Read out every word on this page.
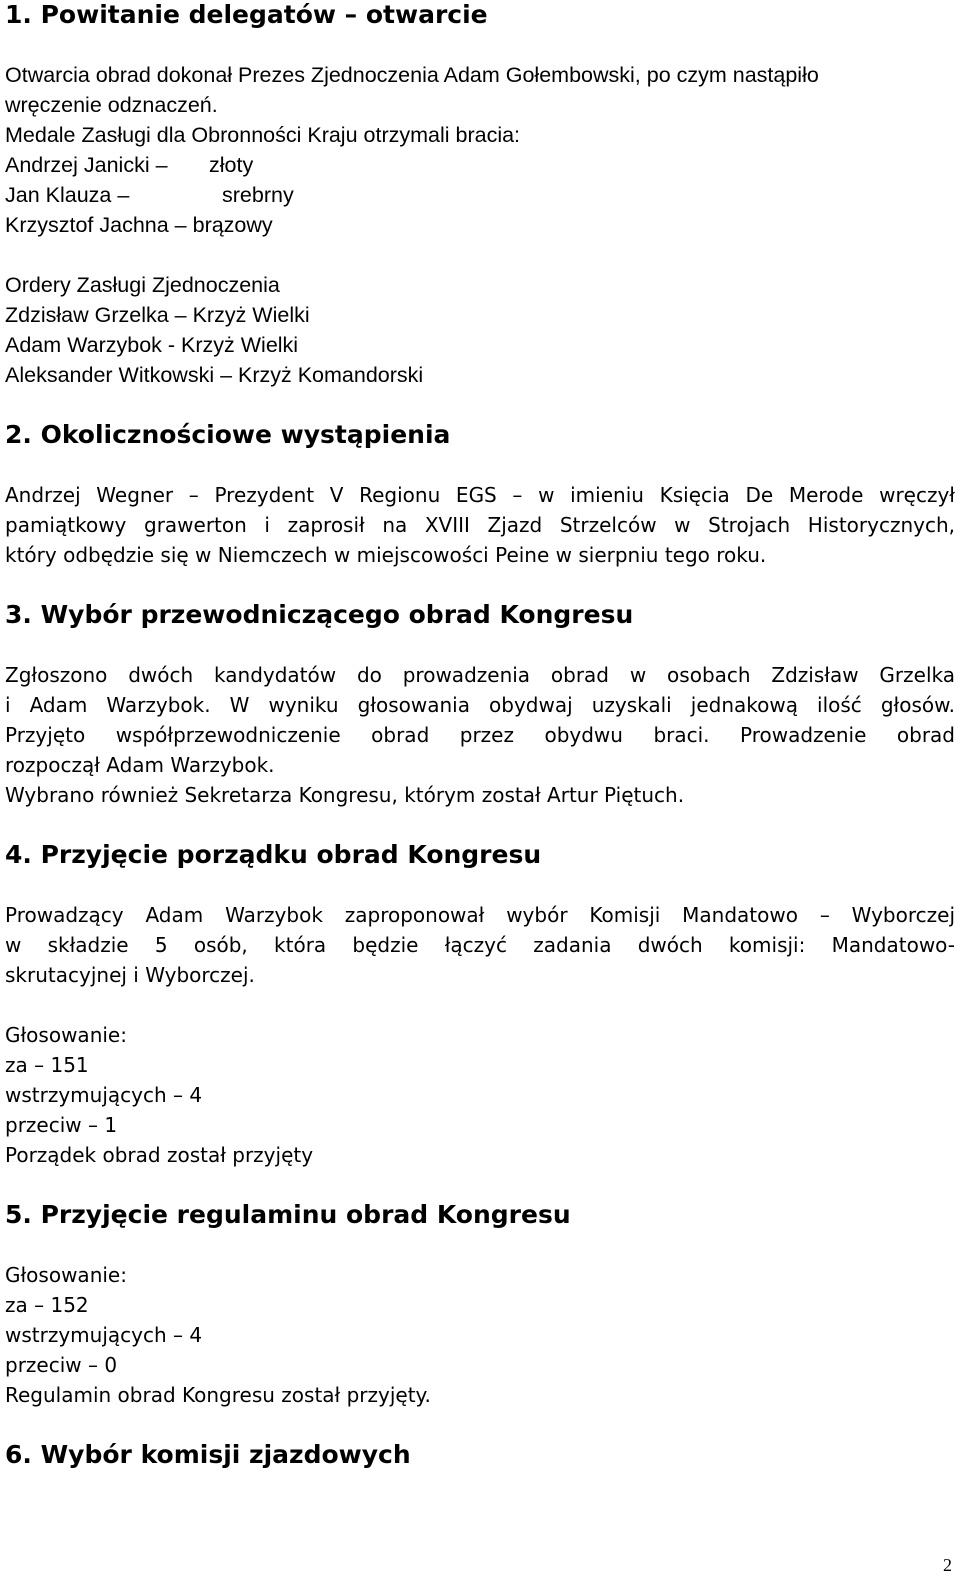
1. Powitanie delegatów – otwarcie

Otwarcia obrad dokonał Prezes Zjednoczenia Adam Gołembowski, po czym nastąpiło

wręczenie odznaczeń.

Medale Zasługi dla Obronności Kraju otrzymali bracia:

Andrzej Janicki – złoty

Jan Klauza –	srebrny

Krzysztof Jachna – brązowy

Ordery Zasługi Zjednoczenia

Zdzisław Grzelka – Krzyż Wielki

Adam Warzybok - Krzyż Wielki

Aleksander Witkowski – Krzyż Komandorski

2. Okolicznościowe wystąpienia

Andrzej Wegner – Prezydent V Regionu EGS – w imieniu Księcia De Merode wręczył

pamiątkowy grawerton i zaprosił na XVIII Zjazd Strzelców w Strojach Historycznych,

który odbędzie się w Niemczech w miejscowości Peine w sierpniu tego roku.

3. Wybór przewodniczącego obrad Kongresu

Zgłoszono dwóch kandydatów do prowadzenia obrad w osobach Zdzisław Grzelka

i Adam Warzybok. W wyniku głosowania obydwaj uzyskali jednakową ilość głosów.

Przyjęto współprzewodniczenie obrad przez obydwu braci. Prowadzenie obrad

rozpoczął Adam Warzybok.

Wybrano również Sekretarza Kongresu, którym został Artur Piętuch.

4. Przyjęcie porządku obrad Kongresu

Prowadzący Adam Warzybok zaproponował wybór Komisji Mandatowo – Wyborczej

w składzie 5 osób, która będzie łączyć zadania dwóch komisji: Mandatowo-

skrutacyjnej i Wyborczej.

Głosowanie:

za – 151

wstrzymujących – 4

przeciw – 1

Porządek obrad został przyjęty

5. Przyjęcie regulaminu obrad Kongresu

Głosowanie:

za – 152

wstrzymujących – 4

przeciw – 0

Regulamin obrad Kongresu został przyjęty.

6. Wybór komisji zjazdowych
2
